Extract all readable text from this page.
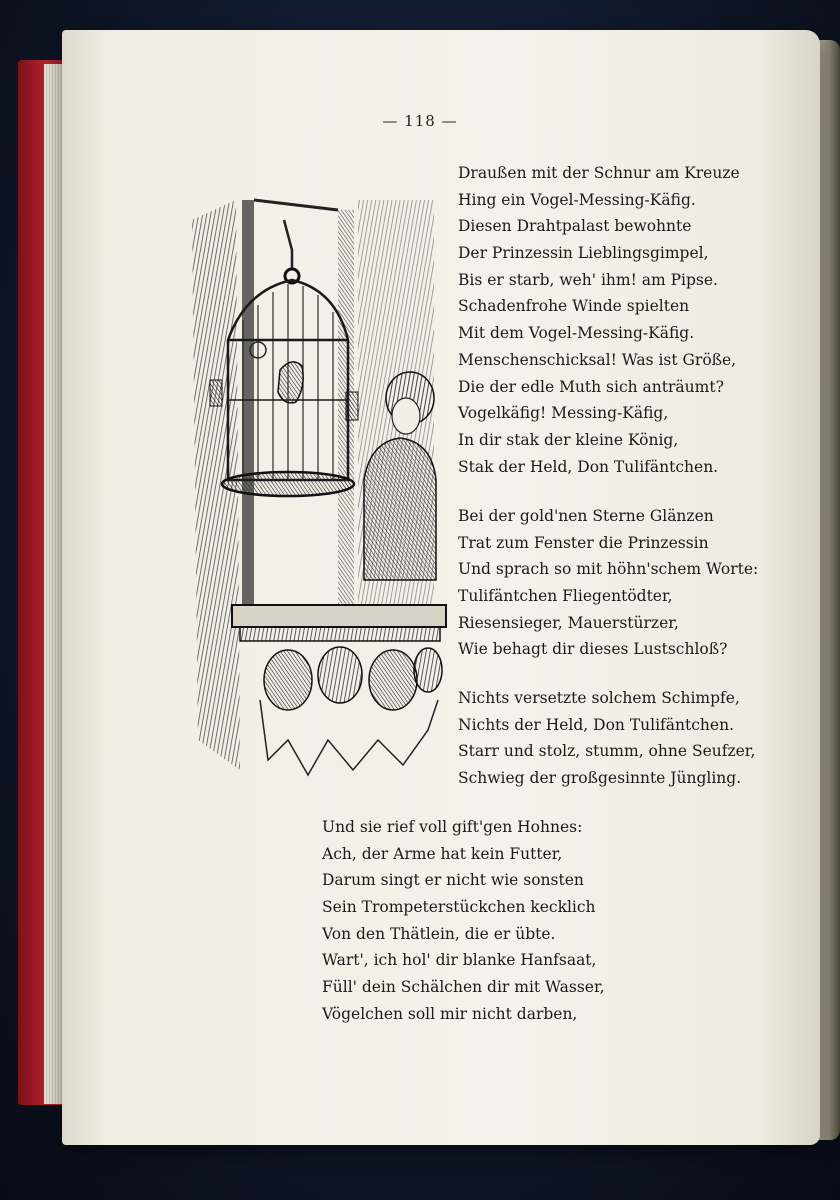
— 118 —
Draußen mit der Schnur am Kreuze
Hing ein Vogel-Messing-Käfig.
Diesen Drahtpalast bewohnte
Der Prinzessin Lieblingsgimpel,
Bis er starb, weh' ihm! am Pipse.
Schadenfrohe Winde spielten
Mit dem Vogel-Messing-Käfig.
Menschenschicksal! Was ist Größe,
Die der edle Muth sich anträumt?
Vogelkäfig! Messing-Käfig,
In dir stak der kleine König,
Stak der Held, Don Tulifäntchen.
Bei der gold'nen Sterne Glänzen
Trat zum Fenster die Prinzessin
Und sprach so mit höhn'schem Worte:
Tulifäntchen Fliegentödter,
Riesensieger, Mauerstürzer,
Wie behagt dir dieses Lustschloß?
Nichts versetzte solchem Schimpfe,
Nichts der Held, Don Tulifäntchen.
Starr und stolz, stumm, ohne Seufzer,
Schwieg der großgesinnte Jüngling.
Und sie rief voll gift'gen Hohnes:
Ach, der Arme hat kein Futter,
Darum singt er nicht wie sonsten
Sein Trompeterstückchen kecklich
Von den Thätlein, die er übte.
Wart', ich hol' dir blanke Hanfsaat,
Füll' dein Schälchen dir mit Wasser,
Vögelchen soll mir nicht darben,
